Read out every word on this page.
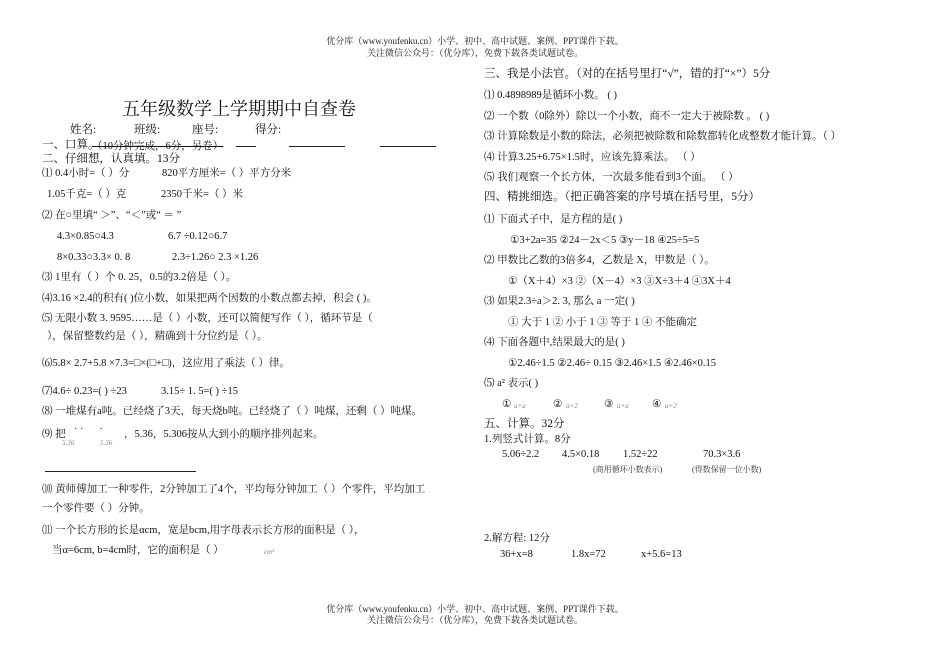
优分库（www.youfenku.cn）小学、初中、高中试题、案例、PPT课件下载。
关注微信公众号：（优分库），免费下载各类试题试卷。
五年级数学上学期期中自查卷
姓名:	班级:	座号:	得分:
一、口算。
（10分钟完成，6分，另卷）
二、仔细想，认真填。13分
⑴ 0.4小时=（ ）分	820平方厘米=（ ）平方分米
1.05千克=（ ）克	2350千米=（ ）米
⑵ 在○里填“ ＞”、“＜”或“ ＝ ”
4.3×0.85○4.3	6.7 ÷0.12○6.7
8×0.33○3.3× 0. 8	2.3÷1.26○ 2.3 ×1.26
⑶ 1里有（ ）个 0. 25，0.5的3.2倍是（ ）。
⑷3.16 ×2.4的积有( )位小数，如果把两个因数的小数点都去掉，积会 ( )。
⑸ 无限小数 3. 9595……是（ ）小数，还可以简便写作（ ），循环节是（
），保留整数约是（ ），精确到十分位约是（ ）。
⑹5.8× 2.7+5.8 ×7.3=□×(□+□)，这应用了乘法（ ）律。
⑺4.6÷ 0.23=( ) ÷23	3.15÷ 1. 5=( ) ÷15
⑻ 一堆煤有a吨。已经烧了3天，每天烧b吨。已经烧了（ ）吨煤，还剩（ ）吨煤。
⑼ 把 · ·      ·
5.36	5.36
，5.36，5.306按从大到小的顺序排列起来。
⑽ 黄师傅加工一种零件，2分钟加工了4个，平均每分钟加工（ ）个零件，平均加工
一个零件要（ ）分钟。
⑾ 一个长方形的长是αcm，宽是bcm,用字母表示长方形的面积是（ ），
当α=6cm, b=4cm时，它的面积是（ ）	cm²
三、我是小法官。（对的在括号里打“√”，错的打“×”）5分
⑴ 0.4898989是循环小数。 ( )
⑵ 一个数（0除外）除以一个小数，商不一定大于被除数 。 ( )
⑶ 计算除数是小数的除法，必须把被除数和除数都转化成整数才能计算。（ ）
⑷ 计算3.25+6.75×1.5时，应该先算乘法。 （ ）
⑸ 我们观察一个长方体，一次最多能看到3个面。 （ ）
四、精挑细选。（把正确答案的序号填在括号里，5分）
⑴ 下面式子中，是方程的是( )
①3+2a=35 ②24－2x＜5 ③y－18 ④25÷5=5
⑵ 甲数比乙数的3倍多4，乙数是 X，甲数是（ ）。
①（X＋4）×3 ②（X－4）×3 ③X÷3＋4 ④3X＋4
⑶ 如果2.3÷a＞2. 3, 那么 a 一定( )
① 大于 1 ② 小于 1 ③ 等于 1 ④ 不能确定
⑷ 下面各题中,结果最大的是( )
①2.46÷1.5 ②2.46÷ 0.15 ③2.46×1.5 ④2.46×0.15
⑸ a² 表示( )
① a+a	② a×2	③ a×a ④ a+2
五、计算。32分
1.列竖式计算。8分
5.06÷2.2 4.5×0.18 1.52÷22	70.3×3.6
(商用循环小数表示)	(得数保留一位小数)
2.解方程: 12分
36+x=8	1.8x=72	x+5.6=13
优分库（www.youfenku.cn）小学、初中、高中试题、案例、PPT课件下载。
关注微信公众号：（优分库），免费下载各类试题试卷。
